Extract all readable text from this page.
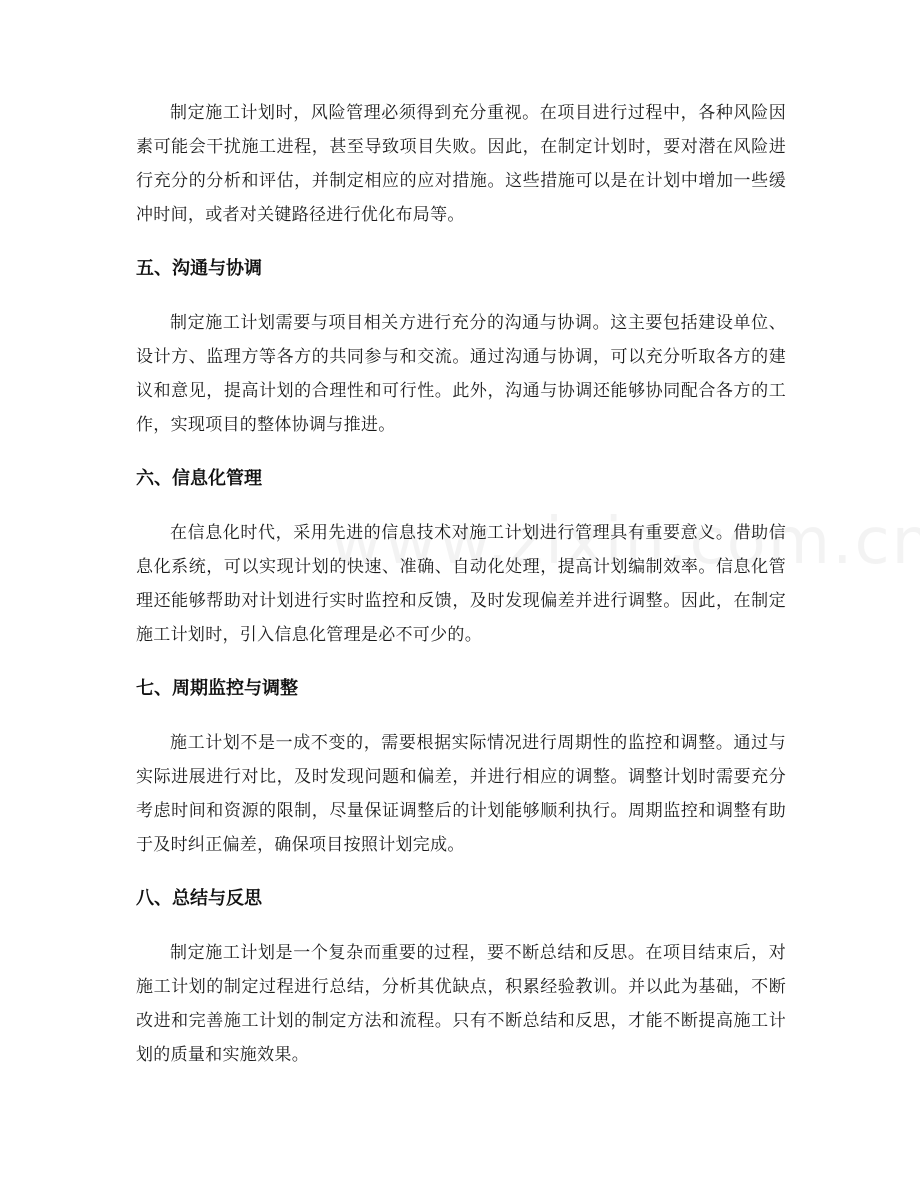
制定施工计划时，风险管理必须得到充分重视。在项目进行过程中，各种风险因素可能会干扰施工进程，甚至导致项目失败。因此，在制定计划时，要对潜在风险进行充分的分析和评估，并制定相应的应对措施。这些措施可以是在计划中增加一些缓冲时间，或者对关键路径进行优化布局等。

五、沟通与协调

制定施工计划需要与项目相关方进行充分的沟通与协调。这主要包括建设单位、设计方、监理方等各方的共同参与和交流。通过沟通与协调，可以充分听取各方的建议和意见，提高计划的合理性和可行性。此外，沟通与协调还能够协同配合各方的工作，实现项目的整体协调与推进。

六、信息化管理

在信息化时代，采用先进的信息技术对施工计划进行管理具有重要意义。借助信息化系统，可以实现计划的快速、准确、自动化处理，提高计划编制效率。信息化管理还能够帮助对计划进行实时监控和反馈，及时发现偏差并进行调整。因此，在制定施工计划时，引入信息化管理是必不可少的。

七、周期监控与调整

施工计划不是一成不变的，需要根据实际情况进行周期性的监控和调整。通过与实际进展进行对比，及时发现问题和偏差，并进行相应的调整。调整计划时需要充分考虑时间和资源的限制，尽量保证调整后的计划能够顺利执行。周期监控和调整有助于及时纠正偏差，确保项目按照计划完成。

八、总结与反思

制定施工计划是一个复杂而重要的过程，要不断总结和反思。在项目结束后，对施工计划的制定过程进行总结，分析其优缺点，积累经验教训。并以此为基础，不断改进和完善施工计划的制定方法和流程。只有不断总结和反思，才能不断提高施工计划的质量和实施效果。
